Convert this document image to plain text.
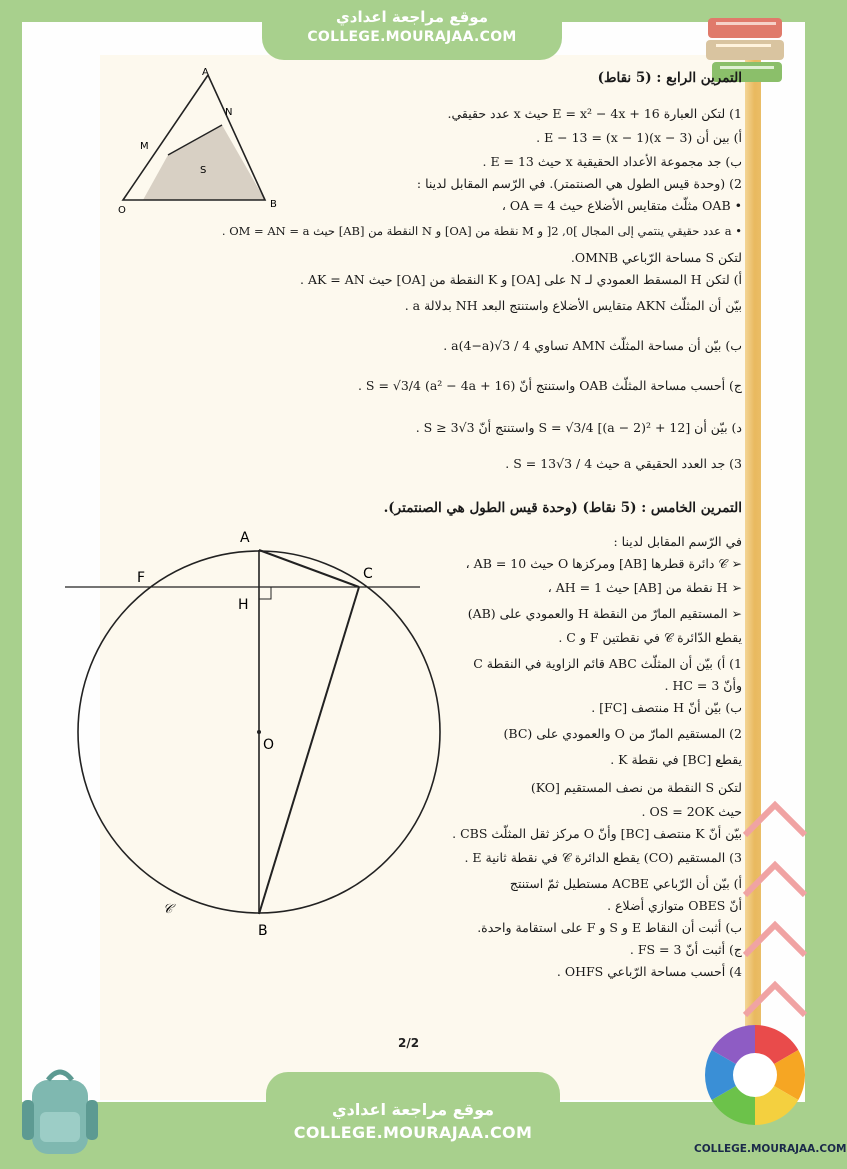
موقع مراجعة اعدادي
COLLEGE.MOURAJAA.COM
A
N
M
S
O
B
A
F	C
H
O
B
𝒞
التمرين الرابع : (5 نقاط)
1) لتكن العبارة E = x² − 4x + 16 حيث x عدد حقيقي.
أ) بين أن E − 13 = (x − 1)(x − 3) .
ب) جد مجموعة الأعداد الحقيقية x حيث E = 13 .
2) (وحدة قيس الطول هي الصنتمتر). في الرّسم المقابل لدينا :
• OAB مثلّث متقايس الأضلاع حيث OA = 4 ،
• a عدد حقيقي ينتمي إلى المجال ]0, 2[ و M نقطة من [OA] و N النقطة من [AB] حيث OM = AN = a .
لتكن S مساحة الرّباعي OMNB.
أ) لتكن H المسقط العمودي لـ N على [OA] و K النقطة من [OA] حيث AK = AN .
بيّن أن المثلّث AKN متقايس الأضلاع واستنتج البعد NH بدلالة a .
ب) بيّن أن مساحة المثلّث AMN تساوي a(4−a)√3 / 4 .
ج) أحسب مساحة المثلّث OAB واستنتج أنّ S = √3/4 (a² − 4a + 16) .
د) بيّن أن S = √3/4 [(a − 2)² + 12] واستنتج أنّ S ≥ 3√3 .
3) جد العدد الحقيقي a حيث S = 13√3 / 4 .
التمرين الخامس : (5 نقاط) (وحدة قيس الطول هي الصنتمتر).
في الرّسم المقابل لدينا :
➢ 𝒞 دائرة قطرها [AB] ومركزها O حيث AB = 10 ،
➢ H نقطة من [AB] حيث AH = 1 ،
➢ المستقيم المارّ من النقطة H والعمودي على (AB)
يقطع الدّائرة 𝒞 في نقطتين F و C .
1) أ) بيّن أن المثلّث ABC قائم الزاوية في النقطة C
وأنّ HC = 3 .
ب) بيّن أنّ H منتصف [FC] .
2) المستقيم المارّ من O والعمودي على (BC)
يقطع [BC] في نقطة K .
لتكن S النقطة من نصف المستقيم [KO)
حيث OS = 2OK .
بيّن أنّ K منتصف [BC] وأنّ O مركز ثقل المثلّث CBS .
3) المستقيم (CO) يقطع الدائرة 𝒞 في نقطة ثانية E .
أ) بيّن أن الرّباعي ACBE مستطيل ثمّ استنتج
أنّ OBES متوازي أضلاع .
ب) أثبت أن النقاط E و S و F على استقامة واحدة.
ج) أثبت أنّ FS = 3 .
4) أحسب مساحة الرّباعي OHFS .
2/2
موقع مراجعة اعدادي
COLLEGE.MOURAJAA.COM
COLLEGE.MOURAJAA.COM
